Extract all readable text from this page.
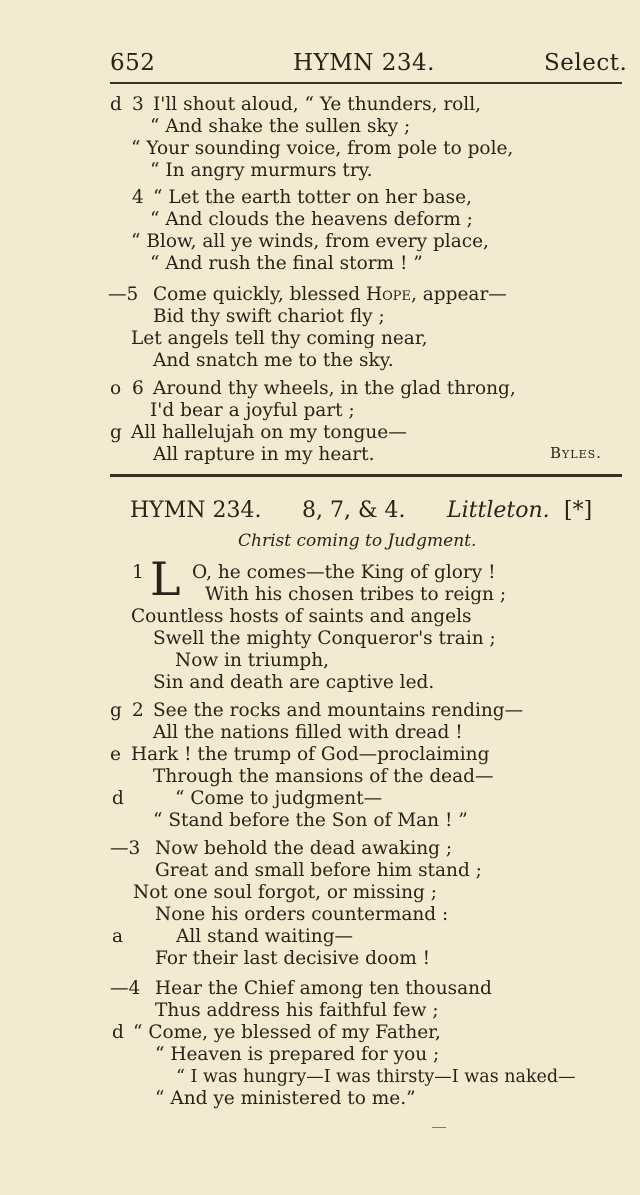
652	HYMN 234.	Select.
d 3 I'll shout aloud, “ Ye thunders, roll,
“ And shake the sullen sky ;
“ Your sounding voice, from pole to pole,
“ In angry murmurs try.
4 “ Let the earth totter on her base,
“ And clouds the heavens deform ;
“ Blow, all ye winds, from every place,
“ And rush the final storm ! ”
—5 Come quickly, blessed Hope, appear—
Bid thy swift chariot fly ;
Let angels tell thy coming near,
And snatch me to the sky.
o 6 Around thy wheels, in the glad throng,
I'd bear a joyful part ;
g All hallelujah on my tongue—
All rapture in my heart.	Byles.
HYMN 234. 8, 7, & 4. Littleton. [*]
Christ coming to Judgment.
1 L O, he comes—the King of glory !
With his chosen tribes to reign ;
Countless hosts of saints and angels
Swell the mighty Conqueror's train ;
Now in triumph,
Sin and death are captive led.
g 2 See the rocks and mountains rending—
All the nations filled with dread !
e Hark ! the trump of God—proclaiming
Through the mansions of the dead—
d	“ Come to judgment—
“ Stand before the Son of Man ! ”
—3 Now behold the dead awaking ;
Great and small before him stand ;
Not one soul forgot, or missing ;
None his orders countermand :
a	All stand waiting—
For their last decisive doom !
—4 Hear the Chief among ten thousand
Thus address his faithful few ;
d “ Come, ye blessed of my Father,
“ Heaven is prepared for you ;
“ I was hungry—I was thirsty—I was naked—
“ And ye ministered to me.”
